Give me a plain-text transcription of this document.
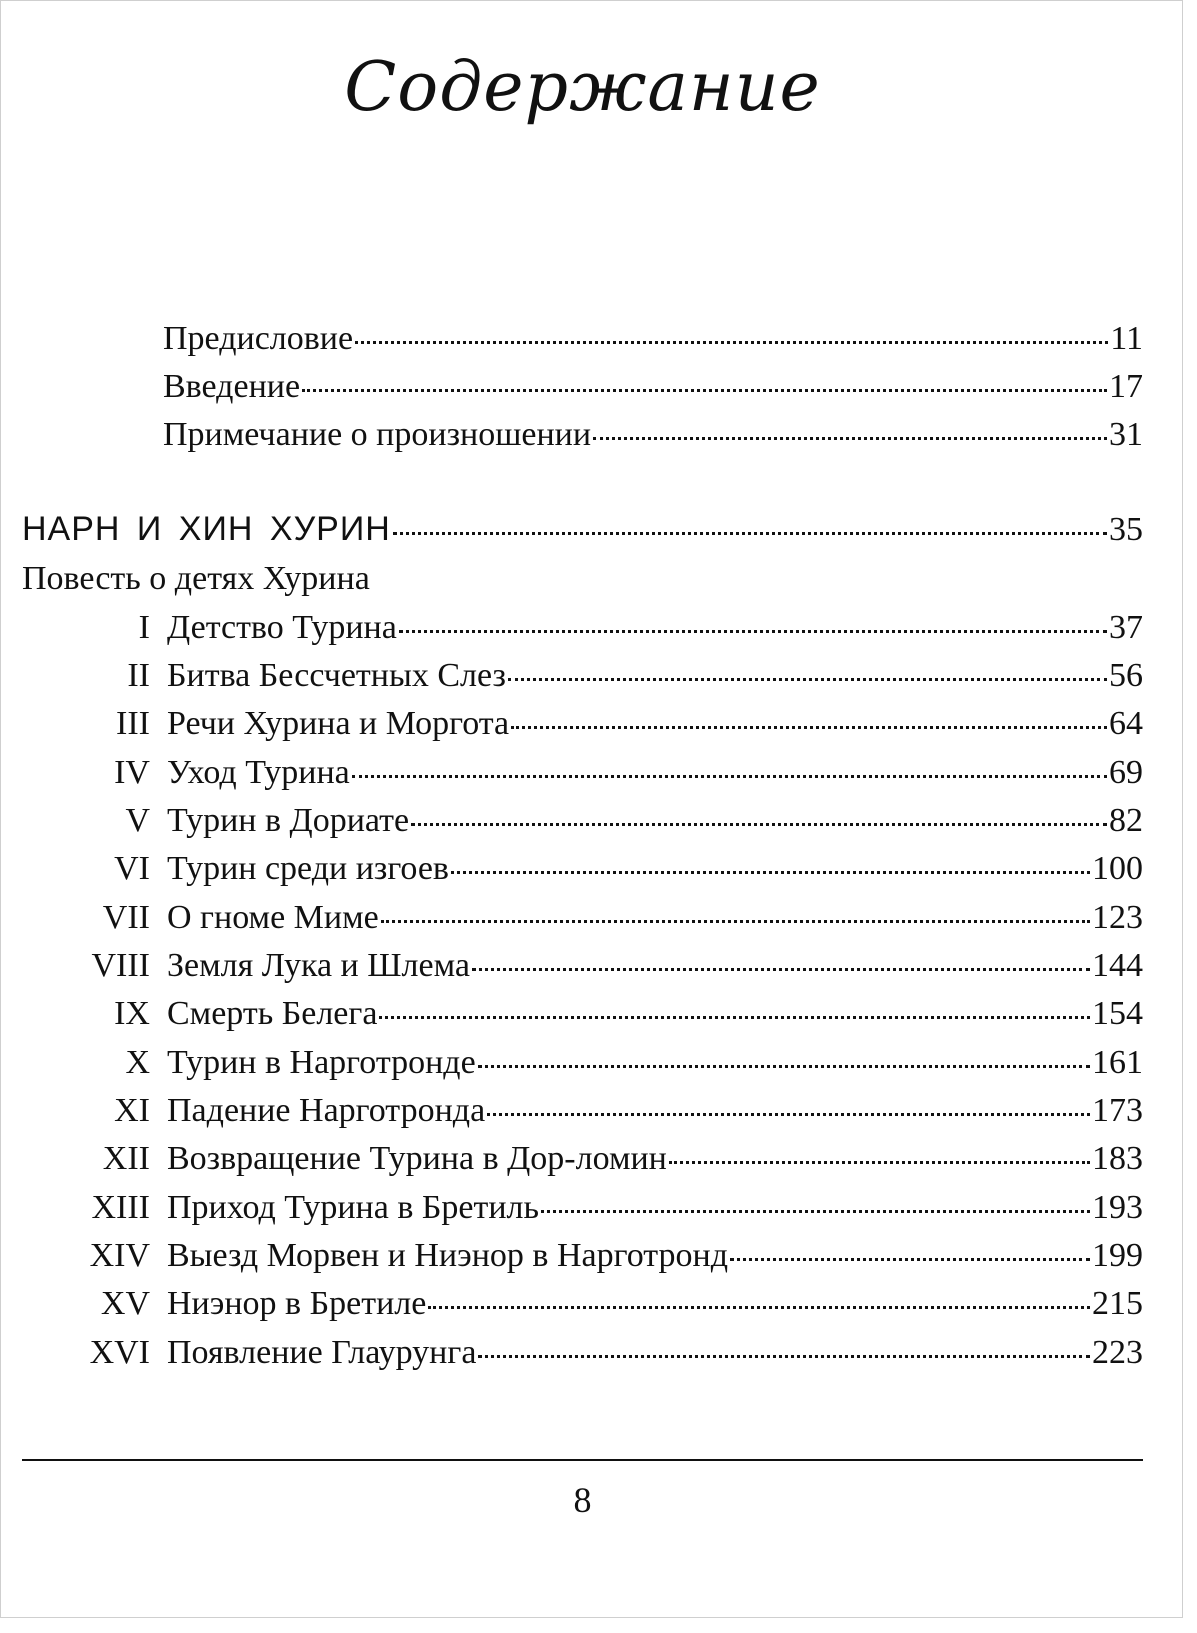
Содержание
Предисловие	11
Введение	17
Примечание о произношении	31
НАРН И ХИН ХУРИН	35
Повесть о детях Хурина
I Детство Турина	37
II Битва Бессчетных Слез	56
III Речи Хурина и Моргота	64
IV Уход Турина	69
V Турин в Дориате	82
VI Турин среди изгоев	100
VII О гноме Миме	123
VIII Земля Лука и Шлема	144
IX Смерть Белега	154
X Турин в Нарготронде	161
XI Падение Нарготронда	173
XII Возвращение Турина в Дор-ломин	183
XIII Приход Турина в Бретиль	193
XIV Выезд Морвен и Ниэнор в Нарготронд	199
XV Ниэнор в Бретиле	215
XVI Появление Глаурунга	223
8
